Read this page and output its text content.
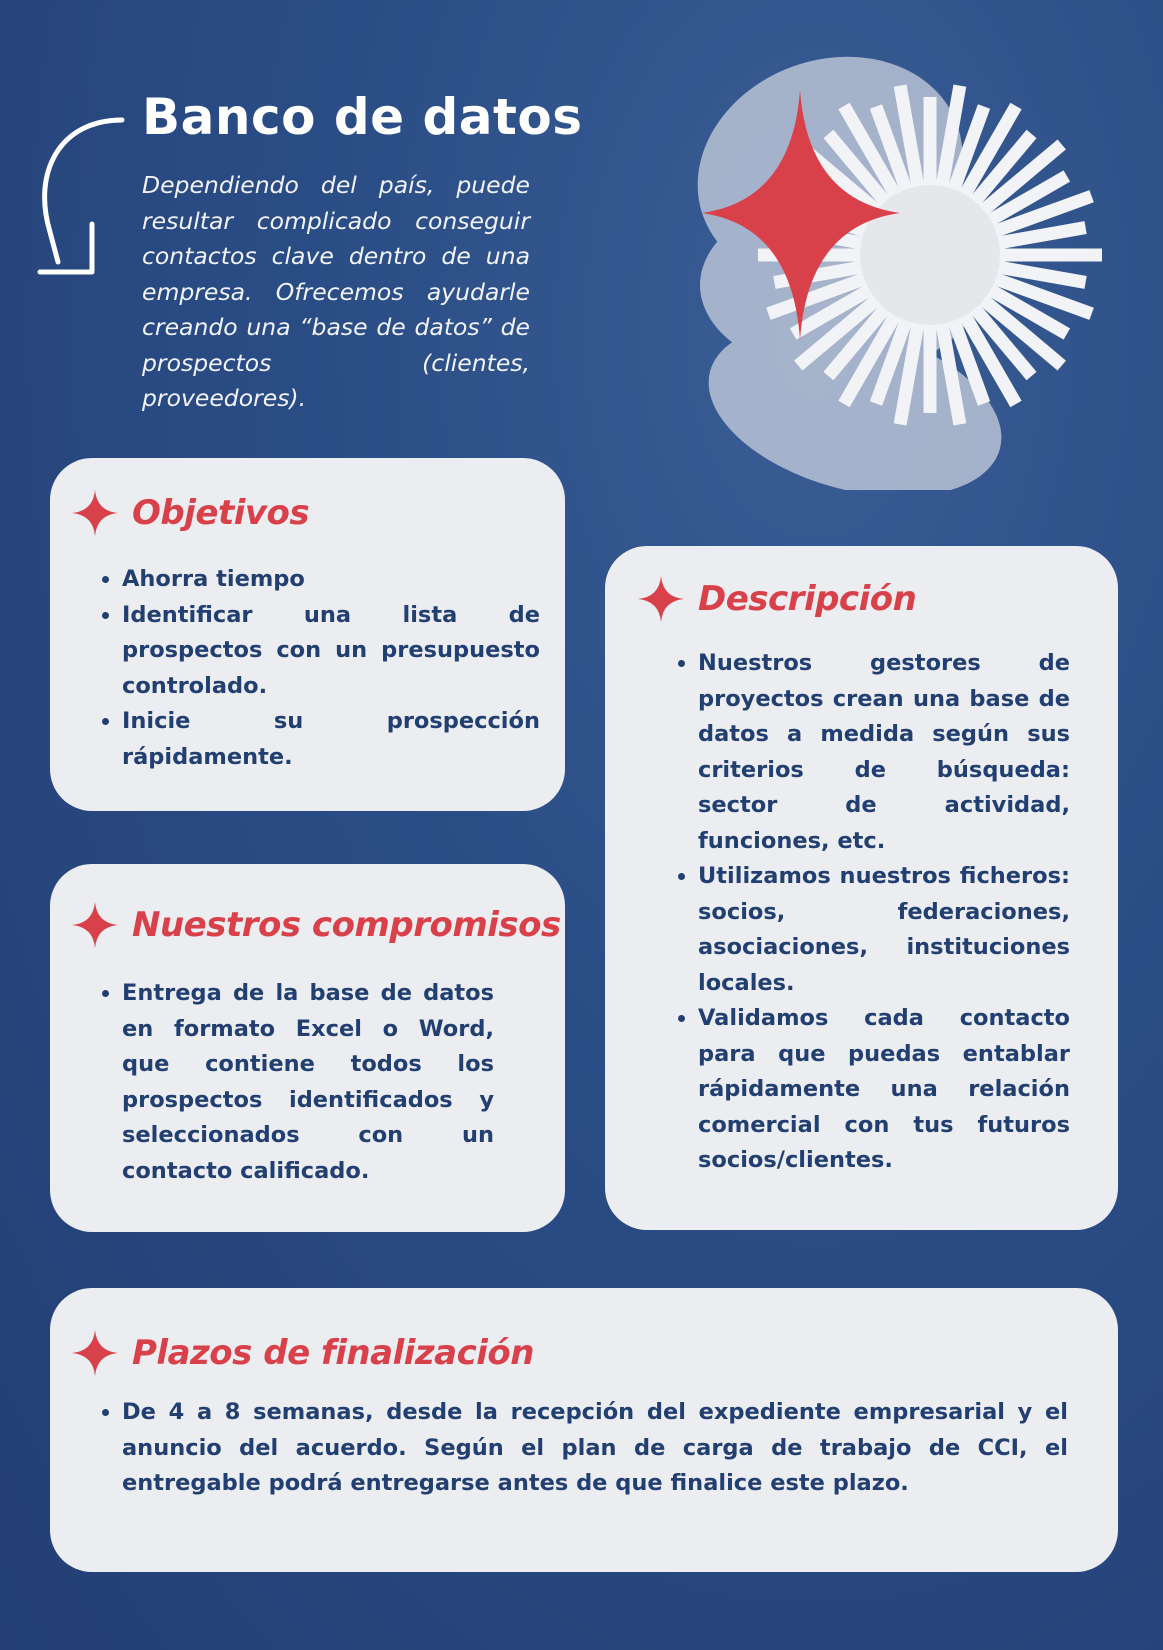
Banco de datos
Dependiendo del país, puede resultar complicado conseguir contactos clave dentro de una empresa. Ofrecemos ayudarle creando una “base de datos” de prospectos (clientes, proveedores).
Objetivos
• Ahorra tiempo
• Identificar una lista de prospectos con un presupuesto controlado.
• Inicie su prospección rápidamente.
Nuestros compromisos
• Entrega de la base de datos en formato Excel o Word, que contiene todos los prospectos identificados y seleccionados con un contacto calificado.
Descripción
• Nuestros gestores de proyectos crean una base de datos a medida según sus criterios de búsqueda: sector de actividad, funciones, etc.
• Utilizamos nuestros ficheros: socios, federaciones, asociaciones, instituciones locales.
• Validamos cada contacto para que puedas entablar rápidamente una relación comercial con tus futuros socios/clientes.
Plazos de finalización
• De 4 a 8 semanas, desde la recepción del expediente empresarial y el anuncio del acuerdo. Según el plan de carga de trabajo de CCI, el entregable podrá entregarse antes de que finalice este plazo.
